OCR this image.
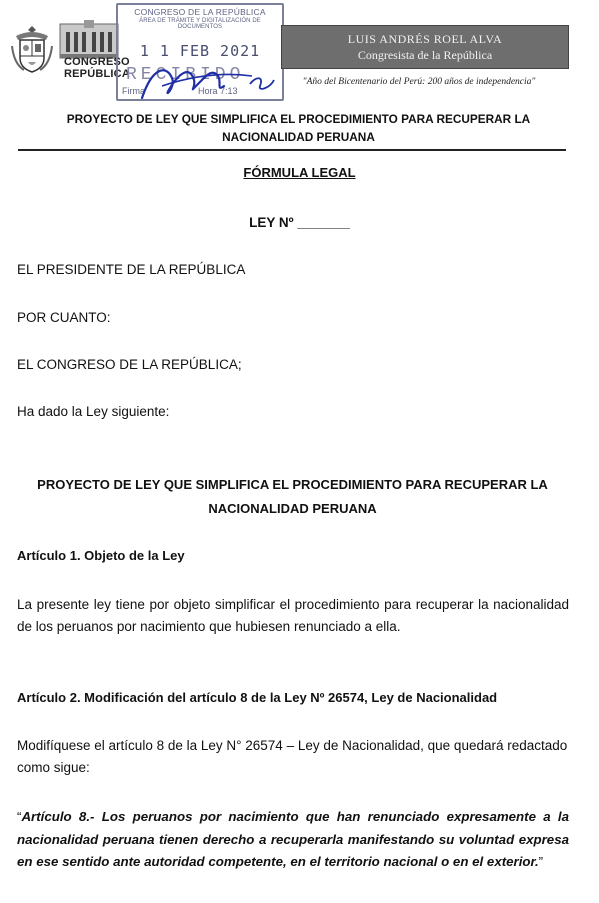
CONGRESO
REPÚBLICA
CONGRESO DE LA REPÚBLICA
ÁREA DE TRÁMITE Y DIGITALIZACIÓN DE DOCUMENTOS
1 1 FEB 2021
RECIBIDO
Firma	Hora 7:13
LUIS ANDRÉS ROEL ALVA
Congresista de la República
"Año del Bicentenario del Perú: 200 años de independencia"
PROYECTO DE LEY QUE SIMPLIFICA EL PROCEDIMIENTO PARA RECUPERAR LA NACIONALIDAD PERUANA
FÓRMULA LEGAL
LEY Nº _______
EL PRESIDENTE DE LA REPÚBLICA
POR CUANTO:
EL CONGRESO DE LA REPÚBLICA;
Ha dado la Ley siguiente:
PROYECTO DE LEY QUE SIMPLIFICA EL PROCEDIMIENTO PARA RECUPERAR LA NACIONALIDAD PERUANA
Artículo 1. Objeto de la Ley
La presente ley tiene por objeto simplificar el procedimiento para recuperar la nacionalidad de los peruanos por nacimiento que hubiesen renunciado a ella.
Artículo 2. Modificación del artículo 8 de la Ley Nº 26574, Ley de Nacionalidad
Modifíquese el artículo 8 de la Ley N° 26574 – Ley de Nacionalidad, que quedará redactado como sigue:
“Artículo 8.- Los peruanos por nacimiento que han renunciado expresamente a la nacionalidad peruana tienen derecho a recuperarla manifestando su voluntad expresa en ese sentido ante autoridad competente, en el territorio nacional o en el exterior.”
